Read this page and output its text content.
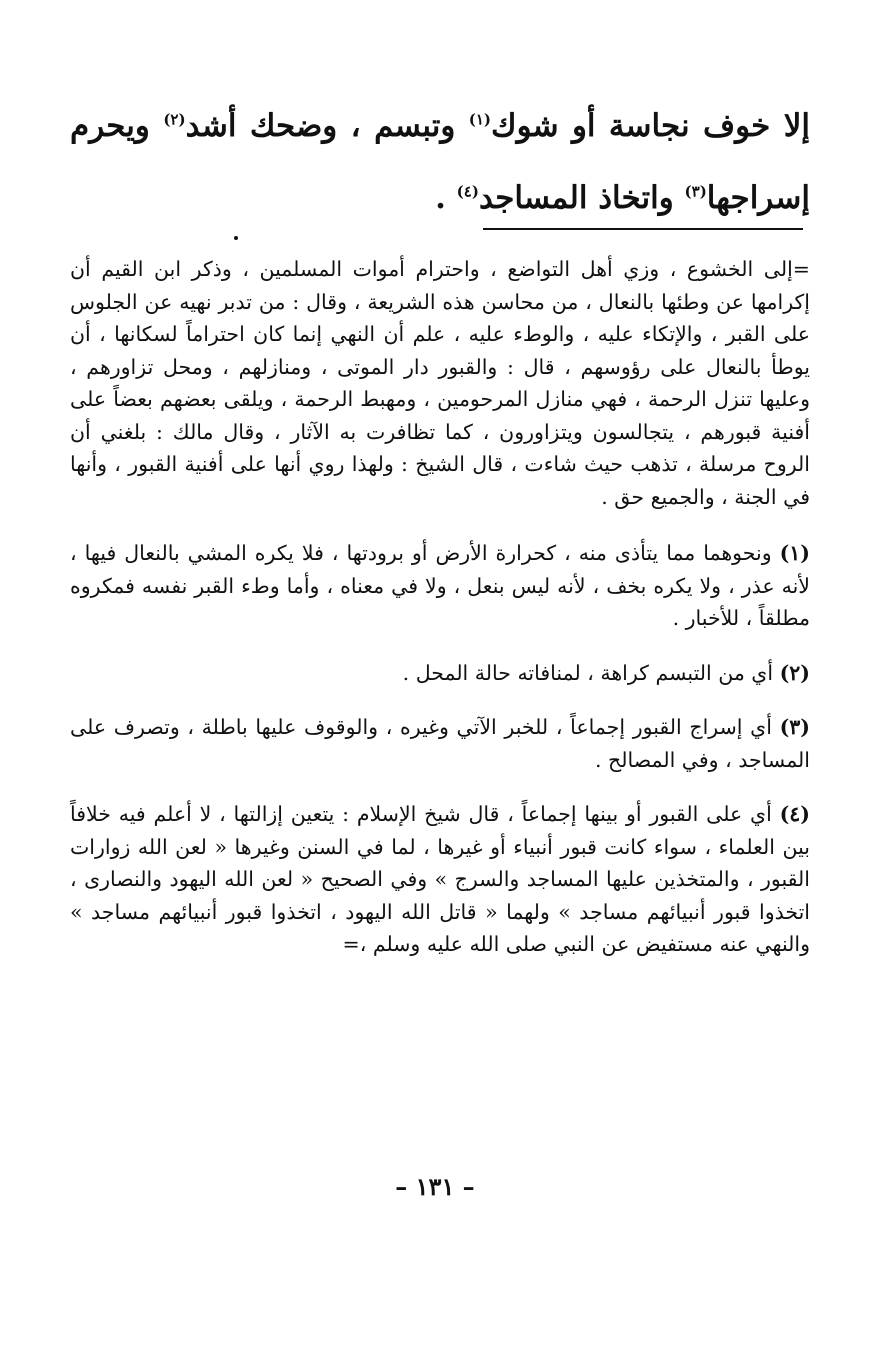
إلا خوف نجاسة أو شوك$^{(١)}$ وتبسم ، وضحك أشد$^{(٢)}$ ويحرم إسراجها$^{(٣)}$ واتخاذ المساجد$^{(٤)}$ .

=إلى الخشوع ، وزي أهل التواضع ، واحترام أموات المسلمين ، وذكر ابن القيم أن إكرامها عن وطئها بالنعال ، من محاسن هذه الشريعة ، وقال : من تدبر نهيه عن الجلوس على القبر ، والإتكاء عليه ، والوطء عليه ، علم أن النهي إنما كان احتراماً لسكانها ، أن يوطأ بالنعال على رؤوسهم ، قال : والقبور دار الموتى ، ومنازلهم ، ومحل تزاورهم ، وعليها تنزل الرحمة ، فهي منازل المرحومين ، ومهبط الرحمة ، ويلقى بعضهم بعضاً على أفنية قبورهم ، يتجالسون ويتزاورون ، كما تظافرت به الآثار ، وقال مالك : بلغني أن الروح مرسلة ، تذهب حيث شاءت ، قال الشيخ : ولهذا روي أنها على أفنية القبور ، وأنها في الجنة ، والجميع حق .

(١) ونحوهما مما يتأذى منه ، كحرارة الأرض أو برودتها ، فلا يكره المشي بالنعال فيها ، لأنه عذر ، ولا يكره بخف ، لأنه ليس بنعل ، ولا في معناه ، وأما وطء القبر نفسه فمكروه مطلقاً ، للأخبار .

(٢) أي من التبسم كراهة ، لمنافاته حالة المحل .

(٣) أي إسراج القبور إجماعاً ، للخبر الآتي وغيره ، والوقوف عليها باطلة ، وتصرف على المساجد ، وفي المصالح .

(٤) أي على القبور أو بينها إجماعاً ، قال شيخ الإسلام : يتعين إزالتها ، لا أعلم فيه خلافاً بين العلماء ، سواء كانت قبور أنبياء أو غيرها ، لما في السنن وغيرها « لعن الله زوارات القبور ، والمتخذين عليها المساجد والسرج » وفي الصحيح « لعن الله اليهود والنصارى ، اتخذوا قبور أنبيائهم مساجد » ولهما « قاتل الله اليهود ، اتخذوا قبور أنبيائهم مساجد » والنهي عنه مستفيض عن النبي صلى الله عليه وسلم ،=

– ١٣١ –
